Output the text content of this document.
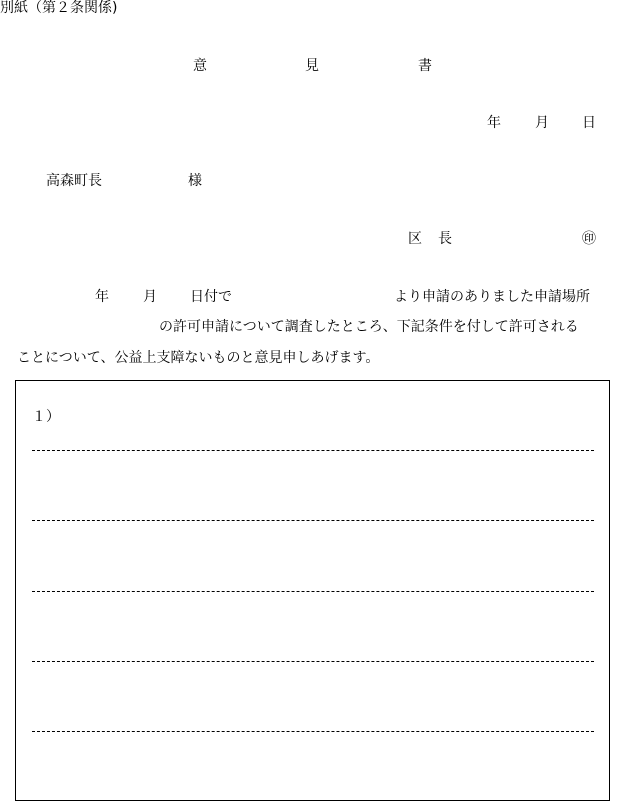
別紙（第２条関係)
意	見	書
年 月 日
高森町長	様
区 長	㊞
年 月 日付で	より申請のありました申請場所
の許可申請について調査したところ、下記条件を付して許可される
ことについて、公益上支障ないものと意見申しあげます。
１）
